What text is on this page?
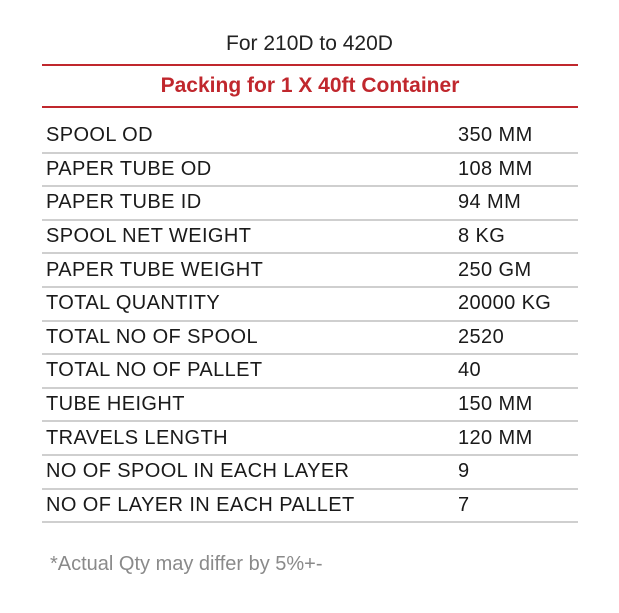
For 210D to 420D
Packing for 1 X 40ft Container
SPOOL OD	350 MM
PAPER TUBE OD	108 MM
PAPER TUBE ID	94 MM
SPOOL NET WEIGHT	8 KG
PAPER TUBE WEIGHT	250 GM
TOTAL QUANTITY	20000 KG
TOTAL NO OF SPOOL	2520
TOTAL NO OF PALLET	40
TUBE HEIGHT	150 MM
TRAVELS LENGTH	120 MM
NO OF SPOOL IN EACH LAYER	9
NO OF LAYER IN EACH PALLET	7
*Actual Qty may differ by 5%+-
